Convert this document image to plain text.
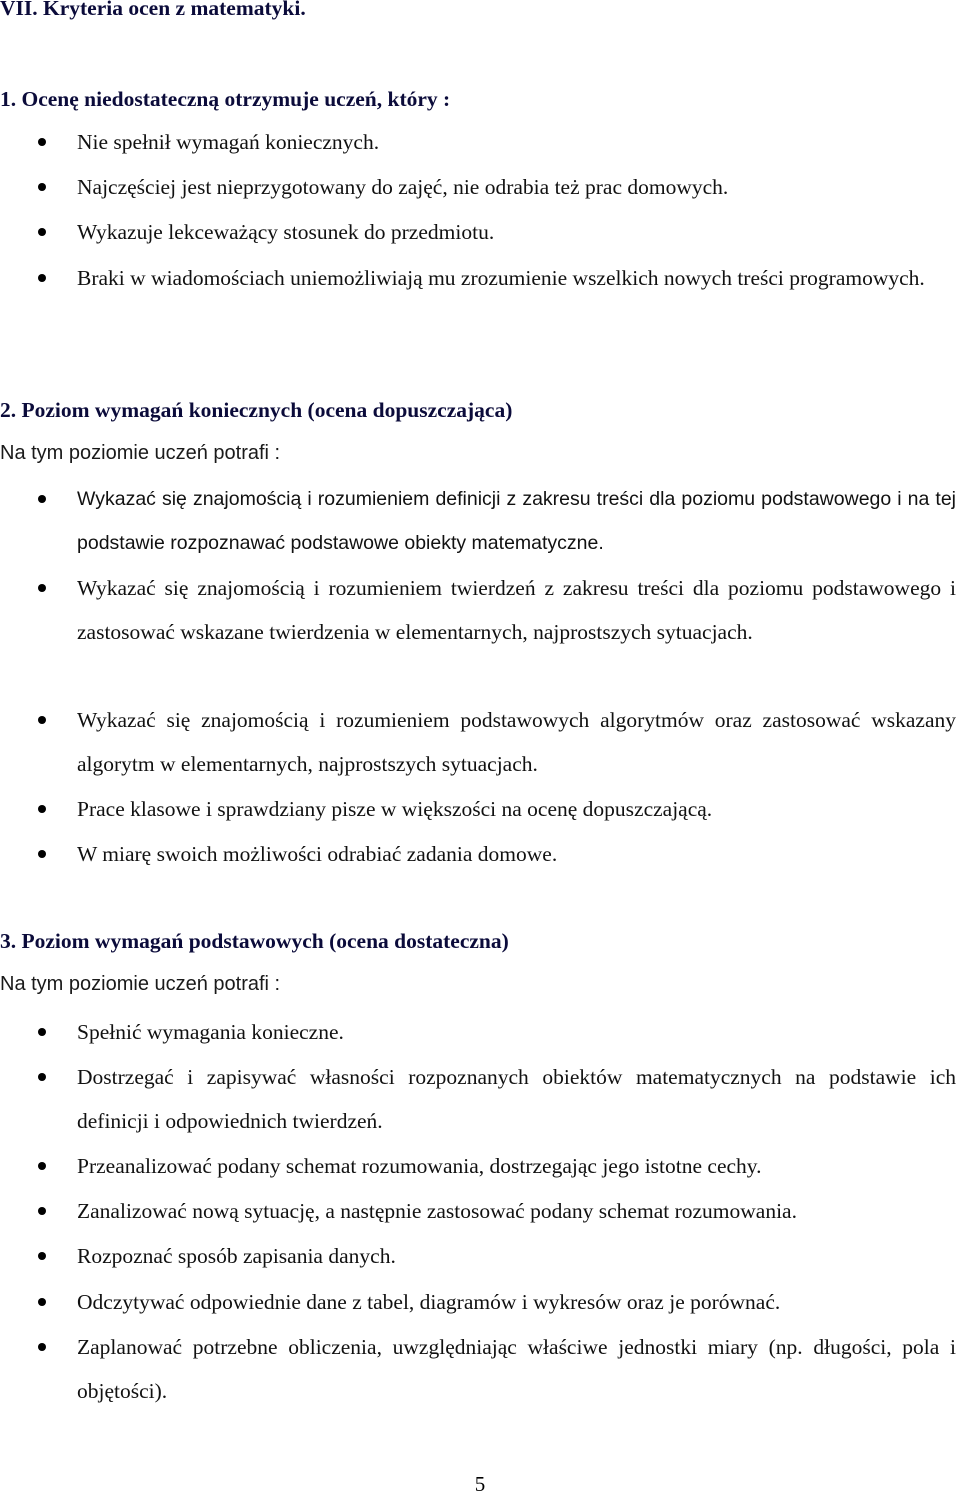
VII. Kryteria ocen z matematyki.
1. Ocenę niedostateczną otrzymuje uczeń, który :
Nie spełnił wymagań koniecznych.
Najczęściej jest nieprzygotowany do zajęć, nie odrabia też prac domowych.
Wykazuje lekceważący stosunek do przedmiotu.
Braki w wiadomościach uniemożliwiają mu zrozumienie wszelkich nowych treści programowych.
2. Poziom wymagań koniecznych (ocena dopuszczająca)
Na tym poziomie uczeń potrafi :
Wykazać się znajomością i rozumieniem definicji z zakresu treści dla poziomu podstawowego i na tej podstawie rozpoznawać podstawowe obiekty matematyczne.
Wykazać się znajomością i rozumieniem twierdzeń z zakresu treści dla poziomu podstawowego i zastosować wskazane twierdzenia w elementarnych, najprostszych sytuacjach.
Wykazać się znajomością i rozumieniem podstawowych algorytmów oraz zastosować wskazany algorytm w elementarnych, najprostszych sytuacjach.
Prace klasowe i sprawdziany pisze w większości na ocenę dopuszczającą.
W miarę swoich możliwości odrabiać zadania domowe.
3. Poziom wymagań podstawowych (ocena dostateczna)
Na tym poziomie uczeń potrafi :
Spełnić wymagania konieczne.
Dostrzegać i zapisywać własności rozpoznanych obiektów matematycznych na podstawie ich definicji i odpowiednich twierdzeń.
Przeanalizować podany schemat rozumowania, dostrzegając jego istotne cechy.
Zanalizować nową sytuację, a następnie zastosować podany schemat rozumowania.
Rozpoznać sposób zapisania danych.
Odczytywać odpowiednie dane z tabel, diagramów i wykresów oraz je porównać.
Zaplanować potrzebne obliczenia, uwzględniając właściwe jednostki miary (np. długości, pola i objętości).
5
